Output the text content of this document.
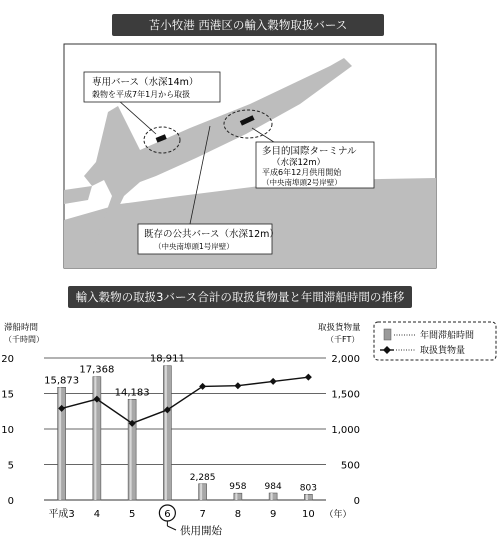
苫小牧港 西港区の輸入穀物取扱バース
専用バース（水深14m）
穀物を平成7年1月から取扱
多目的国際ターミナル
（水深12m）
平成6年12月供用開始
（中央南埠頭2号岸壁）
既存の公共バース（水深12m）
（中央南埠頭1号岸壁）
輸入穀物の取扱3バース合計の取扱貨物量と年間滞船時間の推移
滞船時間
（千時間）
取扱貨物量
（千FT）
0	0
5	500
10	1,000
15	1,500
20	2,000
15,873
17,368
14,183
18,911
2,285
958 984 803
平成3 4	5	6	7	8	9	10 （年）
年間滞船時間
取扱貨物量
供用開始
